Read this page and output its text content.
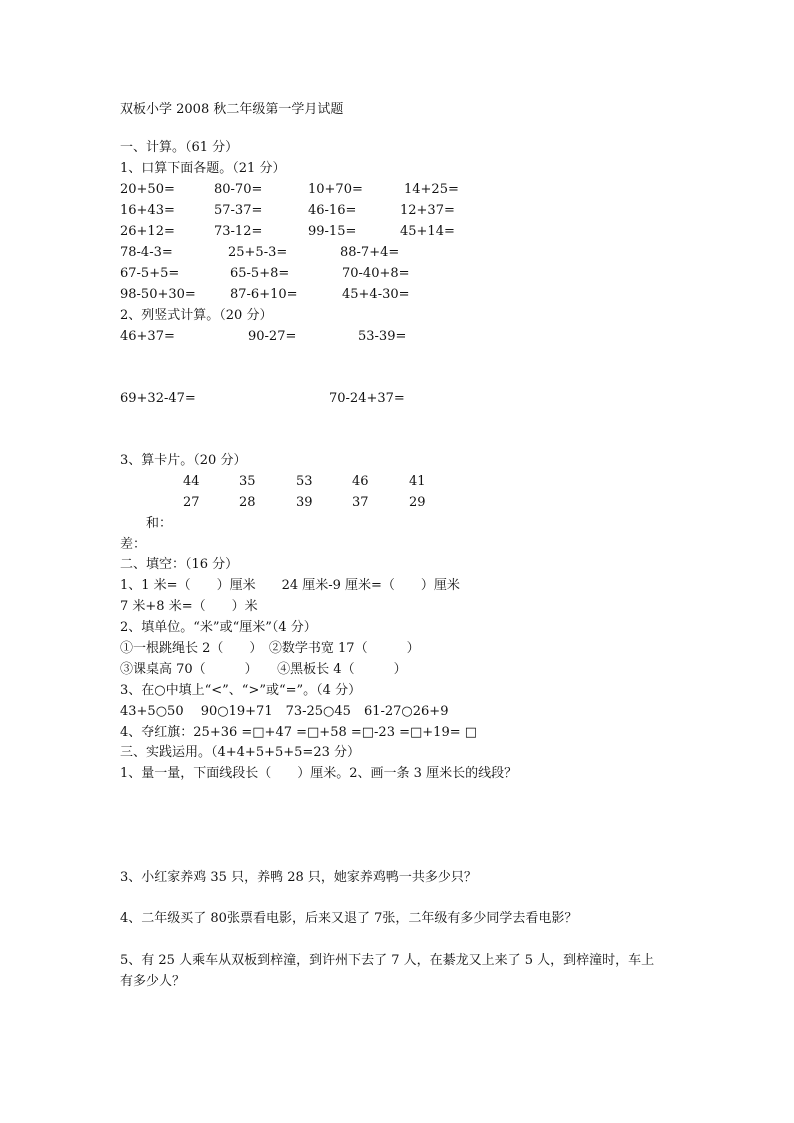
双板小学 2008 秋二年级第一学月试题
一、计算。（61 分）
1、口算下面各题。（21 分）
20+50=	80-70=	10+70=	14+25=
16+43=	57-37=	46-16=	12+37=
26+12=	73-12=	99-15=	45+14=
78-4-3=	25+5-3=	88-7+4=
67-5+5=	65-5+8=	70-40+8=
98-50+30=	87-6+10=	45+4-30=
2、列竖式计算。（20 分）
46+37=	90-27=	53-39=
69+32-47=	70-24+37=
3、算卡片。（20 分）
44	35	53	46	41
27	28	39	37	29
和：
差：
二、填空：（16 分）
1、1 米=（　　）厘米　　24 厘米-9 厘米=（　　）厘米
7 米+8 米=（　　）米
2、填单位。“米”或“厘米”（4 分）
①一根跳绳长 2（　　）　②数学书宽 17（　　　）
③课桌高 70（　　　）　　④黑板长 4（　　　）
3、在○中填上“<”、“>”或“=”。（4 分）
43+5○50　 90○19+71　73-25○45　61-27○26+9
4、夺红旗：25+36 =□+47 =□+58 =□-23 =□+19= □
三、实践运用。（4+4+5+5+5=23 分）
1、量一量，下面线段长（　　）厘米。2、画一条 3 厘米长的线段？
3、小红家养鸡 35 只，养鸭 28 只，她家养鸡鸭一共多少只？
4、二年级买了 80张票看电影，后来又退了 7张，二年级有多少同学去看电影？
5、有 25 人乘车从双板到梓潼，到许州下去了 7 人，在綦龙又上来了 5 人，到梓潼时，车上
有多少人？
